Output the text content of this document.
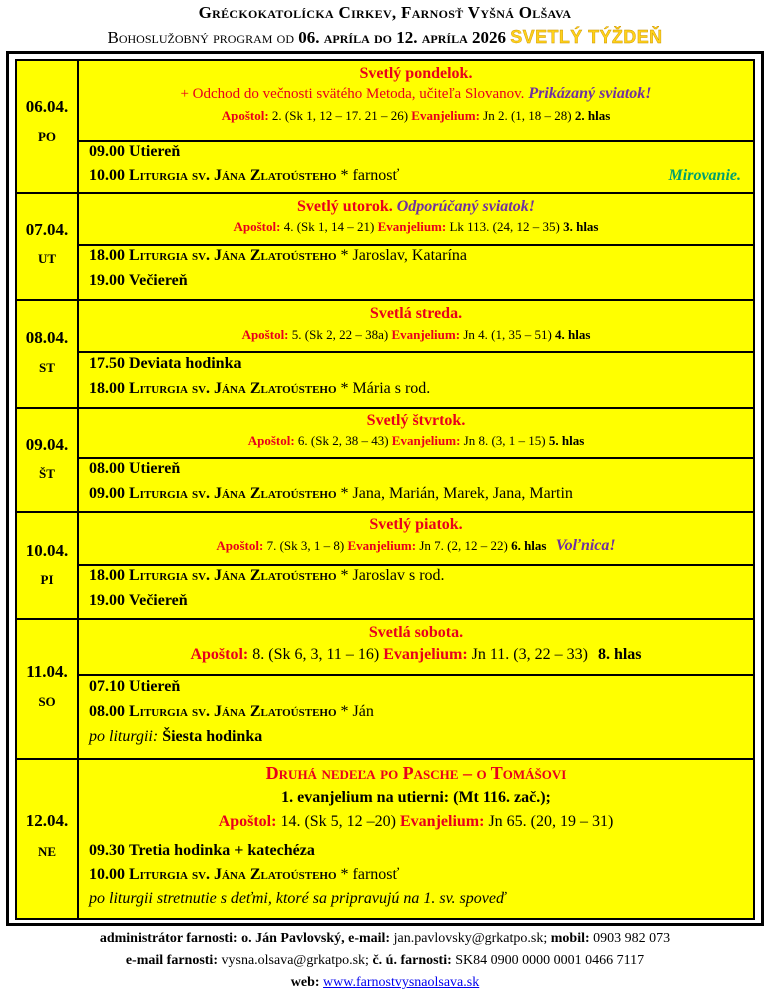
Gréckokatolícka Cirkev, Farnosť Vyšná Olšava
Bohoslužobný program od 06. apríla do 12. apríla 2026 SVETLÝ TÝŽDEŇ
06.04.
PO
Svetlý pondelok.
+ Odchod do večnosti svätého Metoda, učiteľa Slovanov. Prikázaný sviatok!
Apoštol: 2. (Sk 1, 12 – 17. 21 – 26) Evanjelium: Jn 2. (1, 18 – 28) 2. hlas
09.00 Utiereň
10.00 Liturgia sv. Jána Zlatoústeho * farnosť	Mirovanie.
07.04.
UT
Svetlý utorok. Odporúčaný sviatok!
Apoštol: 4. (Sk 1, 14 – 21) Evanjelium: Lk 113. (24, 12 – 35) 3. hlas
18.00 Liturgia sv. Jána Zlatoústeho * Jaroslav, Katarína
19.00 Večiereň
08.04.
ST
Svetlá streda.
Apoštol: 5. (Sk 2, 22 – 38a) Evanjelium: Jn 4. (1, 35 – 51) 4. hlas
17.50 Deviata hodinka
18.00 Liturgia sv. Jána Zlatoústeho * Mária s rod.
09.04.
ŠT
Svetlý štvrtok.
Apoštol: 6. (Sk 2, 38 – 43) Evanjelium: Jn 8. (3, 1 – 15) 5. hlas
08.00 Utiereň
09.00 Liturgia sv. Jána Zlatoústeho * Jana, Marián, Marek, Jana, Martin
10.04.
PI
Svetlý piatok.
Apoštol: 7. (Sk 3, 1 – 8) Evanjelium: Jn 7. (2, 12 – 22) 6. hlas Voľnica!
18.00 Liturgia sv. Jána Zlatoústeho * Jaroslav s rod.
19.00 Večiereň
11.04.
SO
Svetlá sobota.
Apoštol: 8. (Sk 6, 3, 11 – 16) Evanjelium: Jn 11. (3, 22 – 33) 8. hlas
07.10 Utiereň
08.00 Liturgia sv. Jána Zlatoústeho * Ján
po liturgii: Šiesta hodinka
12.04.
NE
Druhá nedeľa po Pasche – o Tomášovi
1. evanjelium na utierni: (Mt 116. zač.);
Apoštol: 14. (Sk 5, 12 –20) Evanjelium: Jn 65. (20, 19 – 31)
09.30 Tretia hodinka + katechéza
10.00 Liturgia sv. Jána Zlatoústeho * farnosť
po liturgii stretnutie s deťmi, ktoré sa pripravujú na 1. sv. spoveď
administrátor farnosti: o. Ján Pavlovský, e-mail: jan.pavlovsky@grkatpo.sk; mobil: 0903 982 073
e-mail farnosti: vysna.olsava@grkatpo.sk; č. ú. farnosti: SK84 0900 0000 0001 0466 7117
web: www.farnostvysnaolsava.sk
